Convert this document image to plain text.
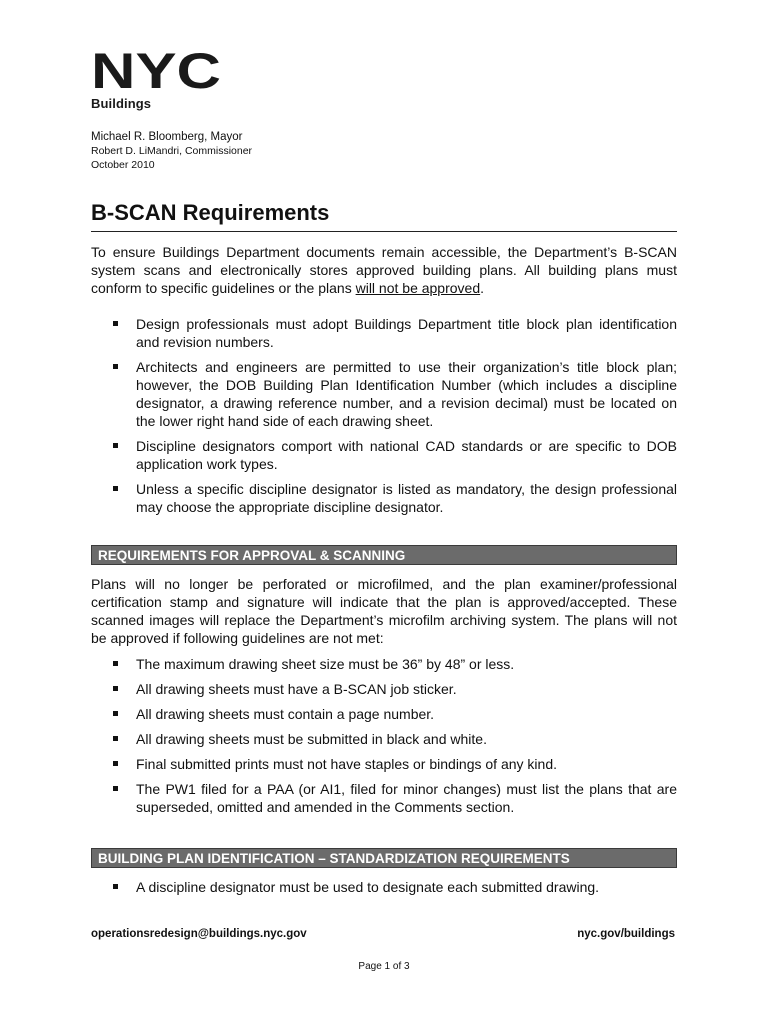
NYC
Buildings
Michael R. Bloomberg, Mayor
Robert D. LiMandri, Commissioner
October 2010
B-SCAN Requirements

To ensure Buildings Department documents remain accessible, the Department’s B-SCAN system scans and electronically stores approved building plans. All building plans must conform to specific guidelines or the plans will not be approved.

Design professionals must adopt Buildings Department title block plan identification and revision numbers.
Architects and engineers are permitted to use their organization’s title block plan; however, the DOB Building Plan Identification Number (which includes a discipline designator, a drawing reference number, and a revision decimal) must be located on the lower right hand side of each drawing sheet.
Discipline designators comport with national CAD standards or are specific to DOB application work types.
Unless a specific discipline designator is listed as mandatory, the design professional may choose the appropriate discipline designator.
REQUIREMENTS FOR APPROVAL & SCANNING

Plans will no longer be perforated or microfilmed, and the plan examiner/professional certification stamp and signature will indicate that the plan is approved/accepted. These scanned images will replace the Department’s microfilm archiving system. The plans will not be approved if following guidelines are not met:

The maximum drawing sheet size must be 36” by 48” or less.
All drawing sheets must have a B-SCAN job sticker.
All drawing sheets must contain a page number.
All drawing sheets must be submitted in black and white.
Final submitted prints must not have staples or bindings of any kind.
The PW1 filed for a PAA (or AI1, filed for minor changes) must list the plans that are superseded, omitted and amended in the Comments section.
BUILDING PLAN IDENTIFICATION – STANDARDIZATION REQUIREMENTS
A discipline designator must be used to designate each submitted drawing.
operationsredesign@buildings.nyc.gov	nyc.gov/buildings
Page 1 of 3
